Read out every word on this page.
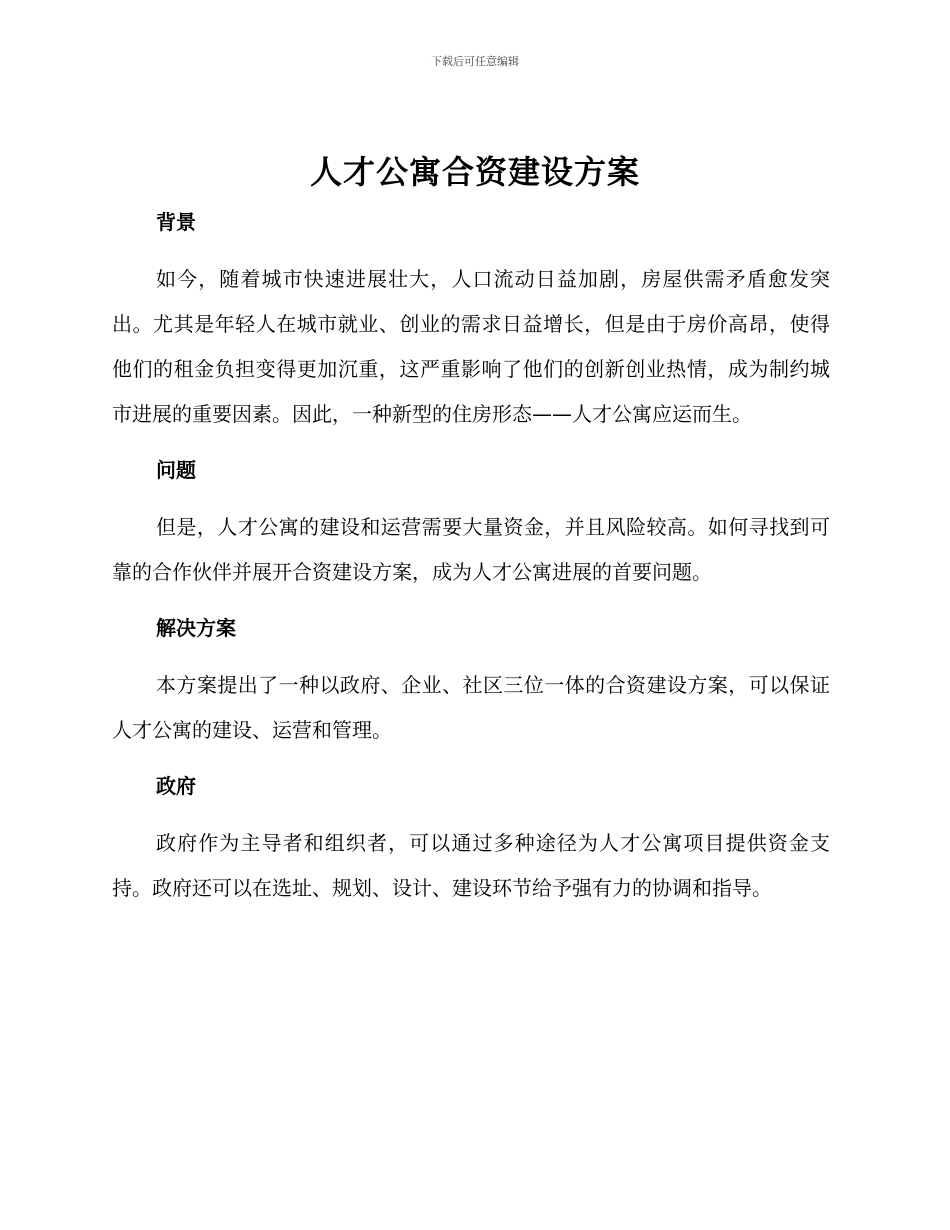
下载后可任意编辑
人才公寓合资建设方案
背景

如今，随着城市快速进展壮大，人口流动日益加剧，房屋供需矛盾愈发突出。尤其是年轻人在城市就业、创业的需求日益增长，但是由于房价高昂，使得他们的租金负担变得更加沉重，这严重影响了他们的创新创业热情，成为制约城市进展的重要因素。因此，一种新型的住房形态——人才公寓应运而生。

问题

但是，人才公寓的建设和运营需要大量资金，并且风险较高。如何寻找到可靠的合作伙伴并展开合资建设方案，成为人才公寓进展的首要问题。

解决方案

本方案提出了一种以政府、企业、社区三位一体的合资建设方案，可以保证人才公寓的建设、运营和管理。

政府

政府作为主导者和组织者，可以通过多种途径为人才公寓项目提供资金支持。政府还可以在选址、规划、设计、建设环节给予强有力的协调和指导。
